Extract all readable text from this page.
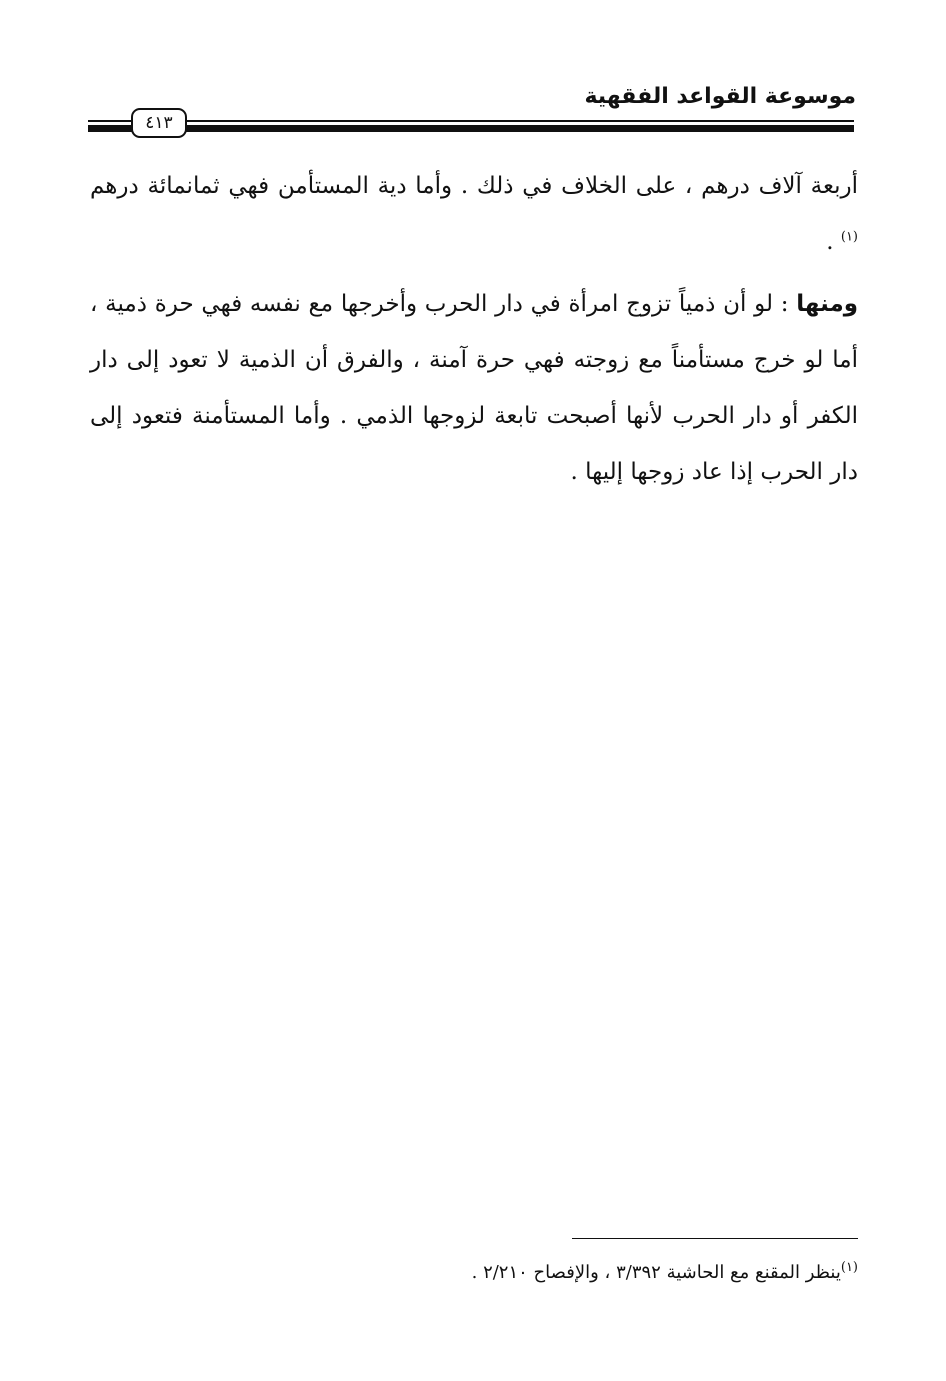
موسوعة القواعد الفقهية
٤١٣

أربعة آلاف درهم ، على الخلاف في ذلك . وأما دية المستأمن فهي ثمانمائة درهم $^{(١)}$ .

ومنها : لو أن ذمياً تزوج امرأة في دار الحرب وأخرجها مع نفسه فهي حرة ذمية ، أما لو خرج مستأمناً مع زوجته فهي حرة آمنة ، والفرق أن الذمية لا تعود إلى دار الكفر أو دار الحرب لأنها أصبحت تابعة لزوجها الذمي . وأما المستأمنة فتعود إلى دار الحرب إذا عاد زوجها إليها .

$^{(١)}$ينظر المقنع مع الحاشية ٣/٣٩٢ ، والإفصاح ٢/٢١٠ .
